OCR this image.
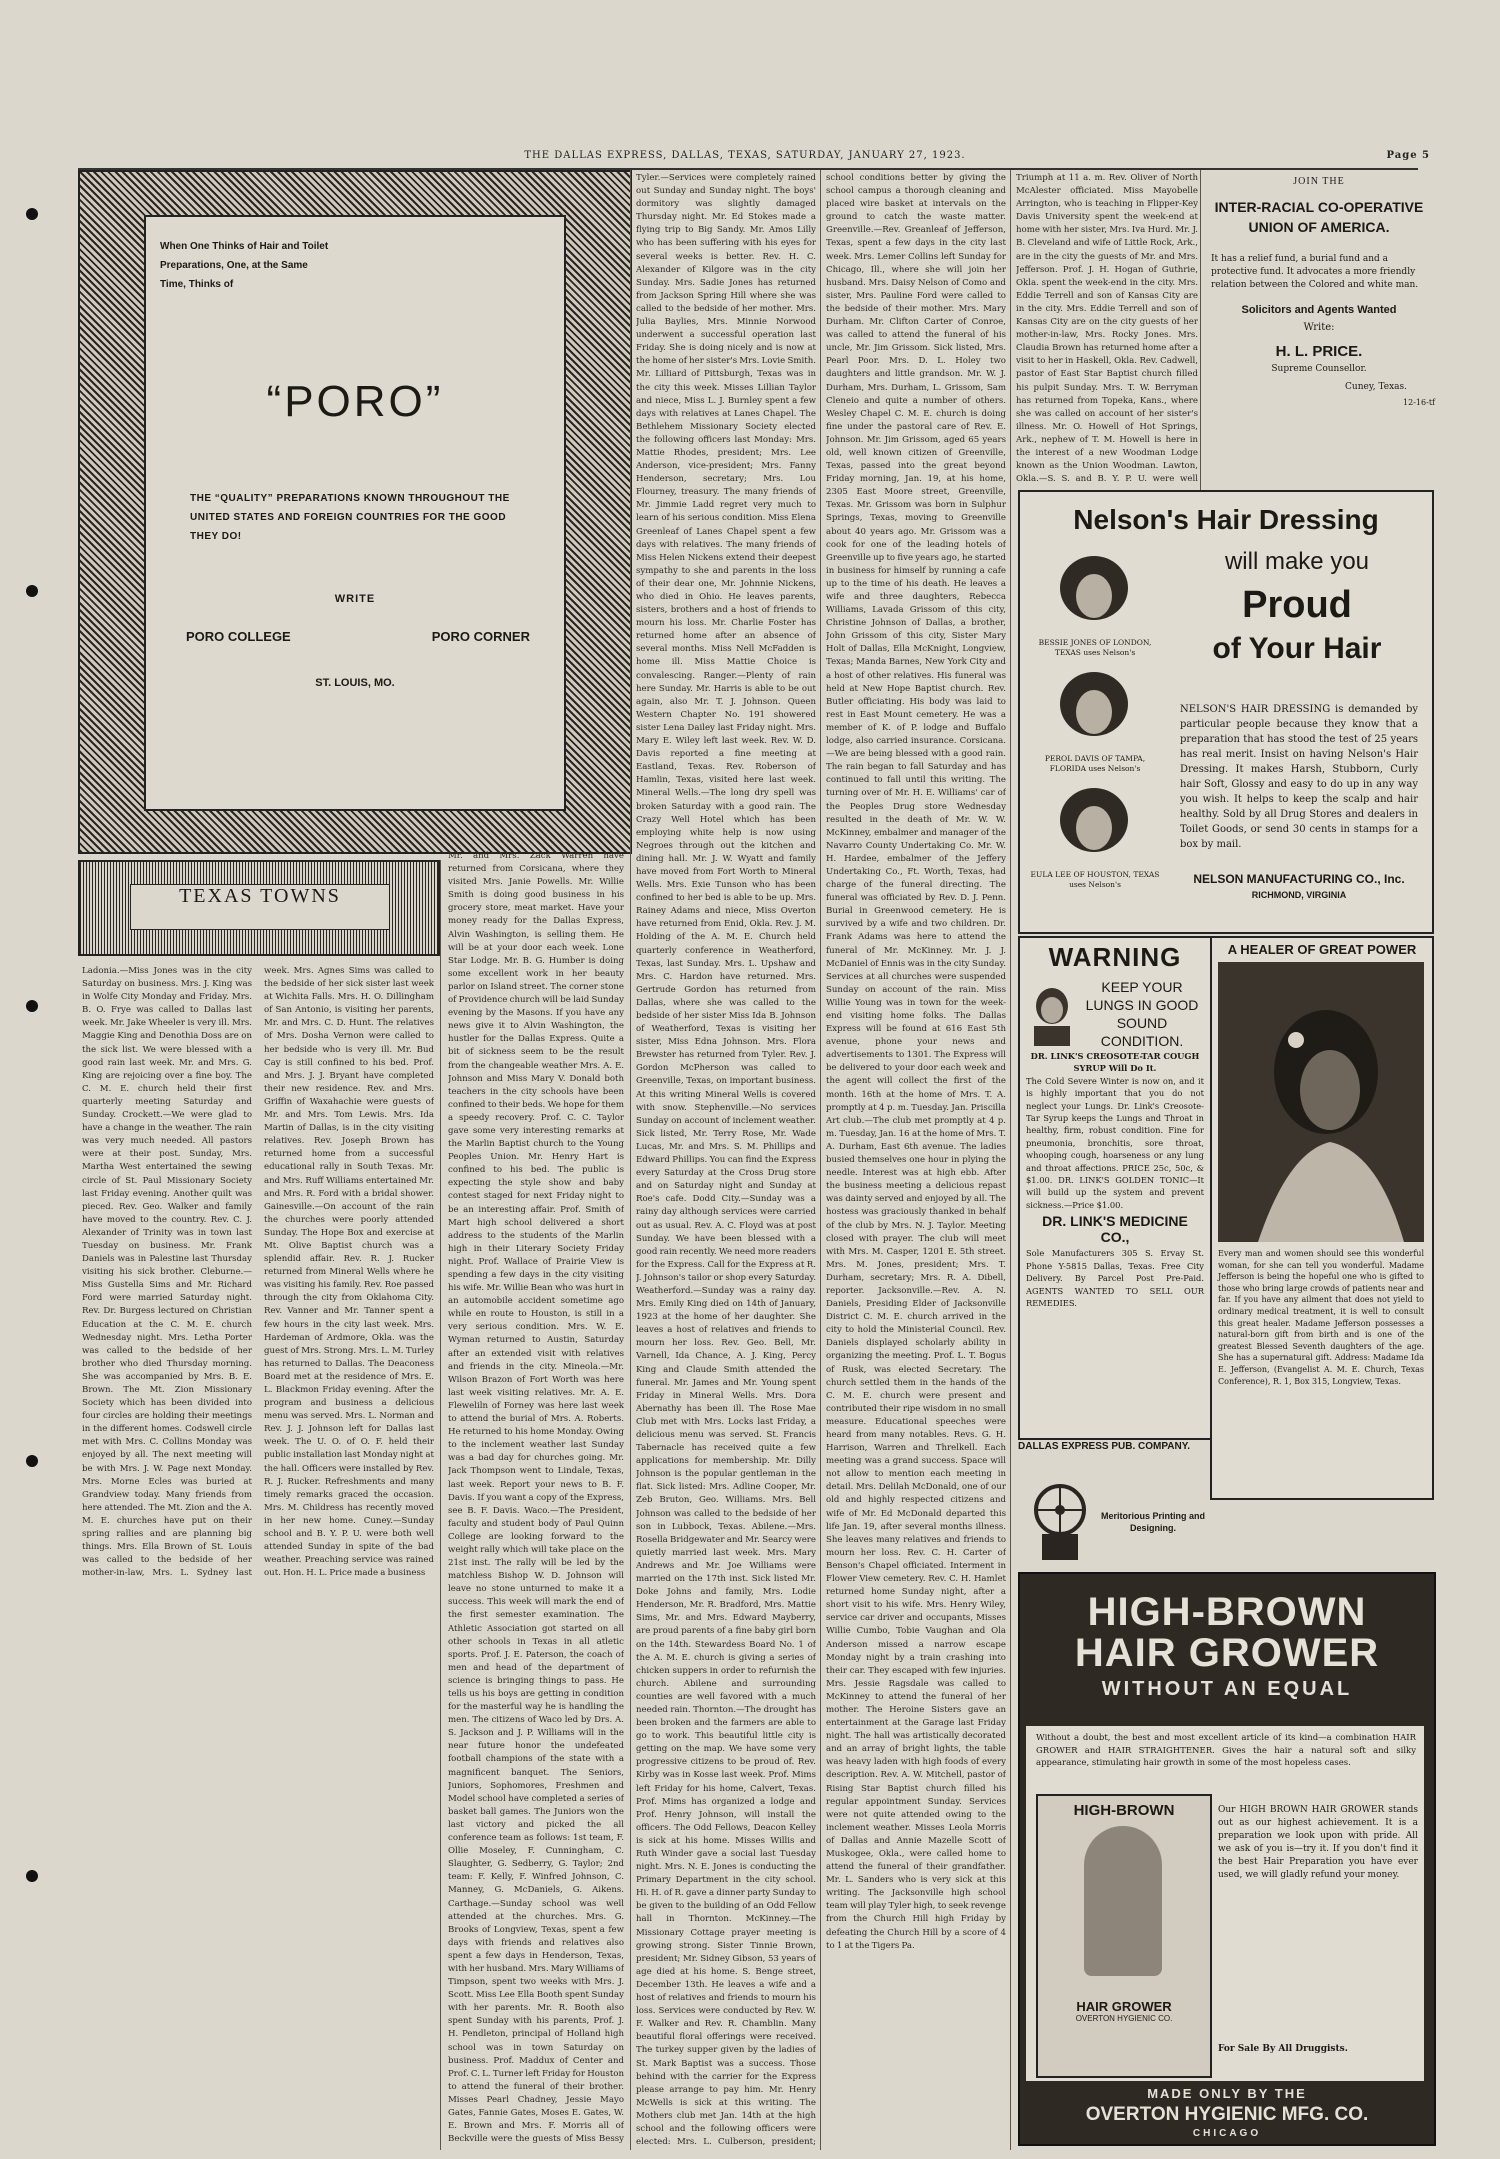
THE DALLAS EXPRESS, DALLAS, TEXAS, SATURDAY, JANUARY 27, 1923.	Page 5
When One Thinks of Hair and Toilet Preparations, One, at the Same Time, Thinks of
“PORO”
THE “QUALITY” PREPARATIONS KNOWN THROUGHOUT THE UNITED STATES AND FOREIGN COUNTRIES FOR THE GOOD THEY DO!
WRITE
PORO COLLEGE	PORO CORNER
ST. LOUIS, MO.
TEXAS TOWNS
Ladonia.—Miss Jones was in the city Saturday on business. Mrs. J. King was in Wolfe City Monday and Friday. Mrs. B. O. Frye was called to Dallas last week. Mr. Jake Wheeler is very ill. Mrs. Maggie King and Denothia Doss are on the sick list. We were blessed with a good rain last week. Mr. and Mrs. G. King are rejoicing over a fine boy. The C. M. E. church held their first quarterly meeting Saturday and Sunday. Crockett.—We were glad to have a change in the weather. The rain was very much needed. All pastors were at their post. Sunday, Mrs. Martha West entertained the sewing circle of St. Paul Missionary Society last Friday evening. Another quilt was pieced. Rev. Geo. Walker and family have moved to the country. Rev. C. J. Alexander of Trinity was in town last Tuesday on business. Mr. Frank Daniels was in Palestine last Thursday visiting his sick brother. Cleburne.—Miss Gustella Sims and Mr. Richard Ford were married Saturday night. Rev. Dr. Burgess lectured on Christian Education at the C. M. E. church Wednesday night. Mrs. Letha Porter was called to the bedside of her brother who died Thursday morning. She was accompanied by Mrs. B. E. Brown. The Mt. Zion Missionary Society which has been divided into four circles are holding their meetings in the different homes. Codswell circle met with Mrs. C. Collins Monday was enjoyed by all. The next meeting will be with Mrs. J. W. Page next Monday. Mrs. Morne Ecles was buried at Grandview today. Many friends from here attended. The Mt. Zion and the A. M. E. churches have put on their spring rallies and are planning big things. Mrs. Ella Brown of St. Louis was called to the bedside of her mother-in-law, Mrs. L. Sydney last week. Mrs. Agnes Sims was called to the bedside of her sick sister last week at Wichita Falls. Mrs. H. O. Dillingham of San Antonio, is visiting her parents, Mr. and Mrs. C. D. Hunt. The relatives of Mrs. Dosha Vernon were called to her bedside who is very ill. Mr. Bud Cay is still confined to his bed. Prof. and Mrs. J. J. Bryant have completed their new residence. Rev. and Mrs. Griffin of Waxahachie were guests of Mr. and Mrs. Tom Lewis. Mrs. Ida Martin of Dallas, is in the city visiting relatives. Rev. Joseph Brown has returned home from a successful educational rally in South Texas. Mr. and Mrs. Ruff Williams entertained Mr. and Mrs. R. Ford with a bridal shower. Gainesville.—On account of the rain the churches were poorly attended Sunday. The Hope Box and exercise at Mt. Olive Baptist church was a splendid affair. Rev. R. J. Rucker returned from Mineral Wells where he was visiting his family. Rev. Roe passed through the city from Oklahoma City. Rev. Vanner and Mr. Tanner spent a few hours in the city last week. Mrs. Hardeman of Ardmore, Okla. was the guest of Mrs. Strong. Mrs. L. M. Turley has returned to Dallas. The Deaconess Board met at the residence of Mrs. E. L. Blackmon Friday evening. After the program and business a delicious menu was served. Mrs. L. Norman and Rev. J. J. Johnson left for Dallas last week. The U. O. of O. F. held their public installation last Monday night at the hall. Officers were installed by Rev. R. J. Rucker. Refreshments and many timely remarks graced the occasion. Mrs. M. Childress has recently moved in her new home. Cuney.—Sunday school and B. Y. P. U. were both well attended Sunday in spite of the bad weather. Preaching service was rained out. Hon. H. L. Price made a business
Mr. and Mrs. Zack Warren have returned from Corsicana, where they visited Mrs. Janie Powells. Mr. Willie Smith is doing good business in his grocery store, meat market. Have your money ready for the Dallas Express, Alvin Washington, is selling them. He will be at your door each week. Lone Star Lodge. Mr. B. G. Humber is doing some excellent work in her beauty parlor on Island street. The corner stone of Providence church will be laid Sunday evening by the Masons. If you have any news give it to Alvin Washington, the hustler for the Dallas Express. Quite a bit of sickness seem to be the result from the changeable weather Mrs. A. E. Johnson and Miss Mary V. Donald both teachers in the city schools have been confined to their beds. We hope for them a speedy recovery. Prof. C. C. Taylor gave some very interesting remarks at the Marlin Baptist church to the Young Peoples Union. Mr. Henry Hart is confined to his bed. The public is expecting the style show and baby contest staged for next Friday night to be an interesting affair. Prof. Smith of Mart high school delivered a short address to the students of the Marlin high in their Literary Society Friday night. Prof. Wallace of Prairie View is spending a few days in the city visiting his wife. Mr. Willie Bean who was hurt in an automobile accident sometime ago while en route to Houston, is still in a very serious condition. Mrs. W. E. Wyman returned to Austin, Saturday after an extended visit with relatives and friends in the city. Mineola.—Mr. Wilson Brazon of Fort Worth was here last week visiting relatives. Mr. A. E. Fleweliln of Forney was here last week to attend the burial of Mrs. A. Roberts. He returned to his home Monday. Owing to the inclement weather last Sunday was a bad day for churches going. Mr. Jack Thompson went to Lindale, Texas, last week. Report your news to B. F. Davis. If you want a copy of the Express, see B. F. Davis. Waco.—The President, faculty and student body of Paul Quinn College are looking forward to the weight rally which will take place on the 21st inst. The rally will be led by the matchless Bishop W. D. Johnson will leave no stone unturned to make it a success. This week will mark the end of the first semester examination. The Athletic Association got started on all other schools in Texas in all atletic sports. Prof. J. E. Paterson, the coach of men and head of the department of science is bringing things to pass. He tells us his boys are getting in condition for the masterful way he is handling the men. The citizens of Waco led by Drs. A. S. Jackson and J. P. Williams will in the near future honor the undefeated football champions of the state with a magnificent banquet. The Seniors, Juniors, Sophomores, Freshmen and Model school have completed a series of basket ball games. The Juniors won the last victory and picked the all conference team as follows: 1st team, F. Ollie Moseley, F. Cunningham, C. Slaughter, G. Sedberry, G. Taylor; 2nd team: F. Kelly, F. Winfred Johnson, C. Manney, G. McDaniels, G. Aikens. Carthage.—Sunday school was well attended at the churches. Mrs. G. Brooks of Longview, Texas, spent a few days with friends and relatives also spent a few days in Henderson, Texas, with her husband. Mrs. Mary Williams of Timpson, spent two weeks with Mrs. J. Scott. Miss Lee Ella Booth spent Sunday with her parents. Mr. R. Booth also spent Sunday with his parents, Prof. J. H. Pendleton, principal of Holland high school was in town Saturday on business. Prof. Maddux of Center and Prof. C. L. Turner left Friday for Houston to attend the funeral of their brother. Misses Pearl Chadney, Jessie Mayo Gates, Fannie Gates, Moses E. Gates, W. E. Brown and Mrs. F. Morris all of Beckville were the guests of Miss Bessy
Tyler.—Services were completely rained out Sunday and Sunday night. The boys' dormitory was slightly damaged Thursday night. Mr. Ed Stokes made a flying trip to Big Sandy. Mr. Amos Lilly who has been suffering with his eyes for several weeks is better. Rev. H. C. Alexander of Kilgore was in the city Sunday. Mrs. Sadie Jones has returned from Jackson Spring Hill where she was called to the bedside of her mother. Mrs. Julia Baylies, Mrs. Minnie Norwood underwent a successful operation last Friday. She is doing nicely and is now at the home of her sister's Mrs. Lovie Smith. Mr. Lilliard of Pittsburgh, Texas was in the city this week. Misses Lillian Taylor and niece, Miss L. J. Burnley spent a few days with relatives at Lanes Chapel. The Bethlehem Missionary Society elected the following officers last Monday: Mrs. Mattie Rhodes, president; Mrs. Lee Anderson, vice-president; Mrs. Fanny Henderson, secretary; Mrs. Lou Flourney, treasury. The many friends of Mr. Jimmie Ladd regret very much to learn of his serious condition. Miss Elena Greenleaf of Lanes Chapel spent a few days with relatives. The many friends of Miss Helen Nickens extend their deepest sympathy to she and parents in the loss of their dear one, Mr. Johnnie Nickens, who died in Ohio. He leaves parents, sisters, brothers and a host of friends to mourn his loss. Mr. Charlie Foster has returned home after an absence of several months. Miss Nell McFadden is home ill. Miss Mattie Choice is convalescing. Ranger.—Plenty of rain here Sunday. Mr. Harris is able to be out again, also Mr. T. J. Johnson. Queen Western Chapter No. 191 showered sister Lena Dailey last Friday night. Mrs. Mary E. Wiley left last week. Rev. W. D. Davis reported a fine meeting at Eastland, Texas. Rev. Roberson of Hamlin, Texas, visited here last week. Mineral Wells.—The long dry spell was broken Saturday with a good rain. The Crazy Well Hotel which has been employing white help is now using Negroes through out the kitchen and dining hall. Mr. J. W. Wyatt and family have moved from Fort Worth to Mineral Wells. Mrs. Exie Tunson who has been confined to her bed is able to be up. Mrs. Rainey Adams and niece, Miss Overton have returned from Enid, Okla. Rev. J. M. Holding of the A. M. E. Church held quarterly conference in Weatherford, Texas, last Sunday. Mrs. L. Upshaw and Mrs. C. Hardon have returned. Mrs. Gertrude Gordon has returned from Dallas, where she was called to the bedside of her sister Miss Ida B. Johnson of Weatherford, Texas is visiting her sister, Miss Edna Johnson. Mrs. Flora Brewster has returned from Tyler. Rev. J. Gordon McPherson was called to Greenville, Texas, on important business. At this writing Mineral Wells is covered with snow. Stephenville.—No services Sunday on account of inclement weather. Sick listed, Mr. Terry Rose, Mr. Wade Lucas, Mr. and Mrs. S. M. Phillips and Edward Phillips. You can find the Express every Saturday at the Cross Drug store and on Saturday night and Sunday at Roe's cafe. Dodd City.—Sunday was a rainy day although services were carried out as usual. Rev. A. C. Floyd was at post Sunday. We have been blessed with a good rain recently. We need more readers for the Express. Call for the Express at R. J. Johnson's tailor or shop every Saturday. Weatherford.—Sunday was a rainy day. Mrs. Emily King died on 14th of January, 1923 at the home of her daughter. She leaves a host of relatives and friends to mourn her loss. Rev. Geo. Bell, Mr. Varnell, Ida Chance, A. J. King, Percy King and Claude Smith attended the funeral. Mr. James and Mr. Young spent Friday in Mineral Wells. Mrs. Dora Abernathy has been ill. The Rose Mae Club met with Mrs. Locks last Friday, a delicious menu was served. St. Francis Tabernacle has received quite a few applications for membership. Mr. Dilly Johnson is the popular gentleman in the flat. Sick listed: Mrs. Adline Cooper, Mr. Zeb Bruton, Geo. Williams. Mrs. Bell Johnson was called to the bedside of her son in Lubbock, Texas. Abilene.—Mrs. Rosella Bridgewater and Mr. Searcy were quietly married last week. Mrs. Mary Andrews and Mr. Joe Williams were married on the 17th inst. Sick listed Mr. Doke Johns and family, Mrs. Lodie Henderson, Mr. R. Bradford, Mrs. Mattie Sims, Mr. and Mrs. Edward Mayberry, are proud parents of a fine baby girl born on the 14th. Stewardess Board No. 1 of the A. M. E. church is giving a series of chicken suppers in order to refurnish the church. Abilene and surrounding counties are well favored with a much needed rain. Thornton.—The drought has been broken and the farmers are able to go to work. This beautiful little city is getting on the map. We have some very progressive citizens to be proud of. Rev. Kirby was in Kosse last week. Prof. Mims left Friday for his home, Calvert, Texas. Prof. Mims has organized a lodge and Prof. Henry Johnson, will install the officers. The Odd Fellows, Deacon Kelley is sick at his home. Misses Willis and Ruth Winder gave a social last Tuesday night. Mrs. N. E. Jones is conducting the Primary Department in the city school. Hi. H. of R. gave a dinner party Sunday to be given to the building of an Odd Fellow hall in Thornton. McKinney.—The Missionary Cottage prayer meeting is growing strong. Sister Tinnie Brown, president; Mr. Sidney Gibson, 53 years of age died at his home. S. Benge street, December 13th. He leaves a wife and a host of relatives and friends to mourn his loss. Services were conducted by Rev. W. F. Walker and Rev. R. Chamblin. Many beautiful floral offerings were received. The turkey supper given by the ladies of St. Mark Baptist was a success. Those behind with the carrier for the Express please arrange to pay him. Mr. Henry McWells is sick at this writing. The Mothers club met Jan. 14th at the high school and the following officers were elected: Mrs. L. Culberson, president;
school conditions better by giving the school campus a thorough cleaning and placed wire basket at intervals on the ground to catch the waste matter. Greenville.—Rev. Greanleaf of Jefferson, Texas, spent a few days in the city last week. Mrs. Lemer Collins left Sunday for Chicago, Ill., where she will join her husband. Mrs. Daisy Nelson of Como and sister, Mrs. Pauline Ford were called to the bedside of their mother. Mrs. Mary Durham. Mr. Clifton Carter of Conroe, was called to attend the funeral of his uncle, Mr. Jim Grissom. Sick listed, Mrs. Pearl Poor. Mrs. D. L. Holey two daughters and little grandson. Mr. W. J. Durham, Mrs. Durham, L. Grissom, Sam Cleneio and quite a number of others. Wesley Chapel C. M. E. church is doing fine under the pastoral care of Rev. E. Johnson. Mr. Jim Grissom, aged 65 years old, well known citizen of Greenville, Texas, passed into the great beyond Friday morning, Jan. 19, at his home, 2305 East Moore street, Greenville, Texas. Mr. Grissom was born in Sulphur Springs, Texas, moving to Greenville about 40 years ago. Mr. Grissom was a cook for one of the leading hotels of Greenville up to five years ago, he started in business for himself by running a cafe up to the time of his death. He leaves a wife and three daughters, Rebecca Williams, Lavada Grissom of this city, Christine Johnson of Dallas, a brother, John Grissom of this city, Sister Mary Holt of Dallas, Ella McKnight, Longview, Texas; Manda Barnes, New York City and a host of other relatives. His funeral was held at New Hope Baptist church. Rev. Butler officiating. His body was laid to rest in East Mount cemetery. He was a member of K. of P. lodge and Buffalo lodge, also carried insurance. Corsicana.—We are being blessed with a good rain. The rain began to fall Saturday and has continued to fall until this writing. The turning over of Mr. H. E. Williams' car of the Peoples Drug store Wednesday resulted in the death of Mr. W. W. McKinney, embalmer and manager of the Navarro County Undertaking Co. Mr. W. H. Hardee, embalmer of the Jeffery Undertaking Co., Ft. Worth, Texas, had charge of the funeral directing. The funeral was officiated by Rev. D. J. Penn. Burial in Greenwood cemetery. He is survived by a wife and two children. Dr. Frank Adams was here to attend the funeral of Mr. McKinney. Mr. J. J. McDaniel of Ennis was in the city Sunday. Services at all churches were suspended Sunday on account of the rain. Miss Willie Young was in town for the week-end visiting home folks. The Dallas Express will be found at 616 East 5th avenue, phone your news and advertisements to 1301. The Express will be delivered to your door each week and the agent will collect the first of the month. 16th at the home of Mrs. T. A. promptly at 4 p. m. Tuesday. Jan. Priscilla Art club.—The club met promptly at 4 p. m. Tuesday, Jan. 16 at the home of Mrs. T. A. Durham, East 6th avenue. The ladies busied themselves one hour in plying the needle. Interest was at high ebb. After the business meeting a delicious repast was dainty served and enjoyed by all. The hostess was graciously thanked in behalf of the club by Mrs. N. J. Taylor. Meeting closed with prayer. The club will meet with Mrs. M. Casper, 1201 E. 5th street. Mrs. M. Jones, president; Mrs. T. Durham, secretary; Mrs. R. A. Dibell, reporter. Jacksonville.—Rev. A. N. Daniels, Presiding Elder of Jacksonville District C. M. E. church arrived in the city to hold the Ministerial Council. Rev. Daniels displayed scholarly ability in organizing the meeting. Prof. L. T. Bogus of Rusk, was elected Secretary. The church settled them in the hands of the C. M. E. church were present and contributed their ripe wisdom in no small measure. Educational speeches were heard from many notables. Revs. G. H. Harrison, Warren and Threlkell. Each meeting was a grand success. Space will not allow to mention each meeting in detail. Mrs. Delilah McDonald, one of our old and highly respected citizens and wife of Mr. Ed McDonald departed this life Jan. 19, after several months illness. She leaves many relatives and friends to mourn her loss. Rev. C. H. Carter of Benson's Chapel officiated. Interment in Flower View cemetery. Rev. C. H. Hamlet returned home Sunday night, after a short visit to his wife. Mrs. Henry Wiley, service car driver and occupants, Misses Willie Cumbo, Tobie Vaughan and Ola Anderson missed a narrow escape Monday night by a train crashing into their car. They escaped with few injuries. Mrs. Jessie Ragsdale was called to McKinney to attend the funeral of her mother. The Heroine Sisters gave an entertainment at the Garage last Friday night. The hall was artistically decorated and an array of bright lights, the table was heavy laden with high foods of every description. Rev. A. W. Mitchell, pastor of Rising Star Baptist church filled his regular appointment Sunday. Services were not quite attended owing to the inclement weather. Misses Leola Morris of Dallas and Annie Mazelle Scott of Muskogee, Okla., were called home to attend the funeral of their grandfather. Mr. L. Sanders who is very sick at this writing. The Jacksonville high school team will play Tyler high, to seek revenge from the Church Hill high Friday by defeating the Church Hill by a score of 4 to 1 at the Tigers Pa.
Triumph at 11 a. m. Rev. Oliver of North McAlester officiated. Miss Mayobelle Arrington, who is teaching in Flipper-Key Davis University spent the week-end at home with her sister, Mrs. Iva Hurd. Mr. J. B. Cleveland and wife of Little Rock, Ark., are in the city the guests of Mr. and Mrs. Jefferson. Prof. J. H. Hogan of Guthrie, Okla. spent the week-end in the city. Mrs. Eddie Terrell and son of Kansas City are in the city. Mrs. Eddie Terrell and son of Kansas City are on the city guests of her mother-in-law, Mrs. Rocky Jones. Mrs. Claudia Brown has returned home after a visit to her in Haskell, Okla. Rev. Cadwell, pastor of East Star Baptist church filled his pulpit Sunday. Mrs. T. W. Berryman has returned from Topeka, Kans., where she was called on account of her sister's illness. Mr. O. Howell of Hot Springs, Ark., nephew of T. M. Howell is here in the interest of a new Woodman Lodge known as the Union Woodman. Lawton, Okla.—S. S. and B. Y. P. U. were well
JOIN THE
INTER-RACIAL CO-OPERATIVE UNION OF AMERICA.
It has a relief fund, a burial fund and a protective fund. It advocates a more friendly relation between the Colored and white man.
Solicitors and Agents Wanted
Write:
H. L. PRICE.
Supreme Counsellor.
Cuney, Texas.
12-16-tf
Nelson's Hair Dressing
will make you
Proud
of Your Hair
BESSIE JONES OF LONDON, TEXAS uses Nelson's
PEROL DAVIS OF TAMPA, FLORIDA uses Nelson's
EULA LEE OF HOUSTON, TEXAS uses Nelson's
NELSON'S HAIR DRESSING is demanded by particular people because they know that a preparation that has stood the test of 25 years has real merit. Insist on having Nelson's Hair Dressing. It makes Harsh, Stubborn, Curly hair Soft, Glossy and easy to do up in any way you wish. It helps to keep the scalp and hair healthy. Sold by all Drug Stores and dealers in Toilet Goods, or send 30 cents in stamps for a box by mail.
NELSON MANUFACTURING CO., Inc.
RICHMOND, VIRGINIA
WARNING
KEEP YOUR LUNGS IN GOOD SOUND CONDITION.
DR. LINK'S CREOSOTE-TAR COUGH SYRUP Will Do It.
The Cold Severe Winter is now on, and it is highly important that you do not neglect your Lungs. Dr. Link's Creosote-Tar Syrup keeps the Lungs and Throat in healthy, firm, robust condition. Fine for pneumonia, bronchitis, sore throat, whooping cough, hoarseness or any lung and throat affections. PRICE 25c, 50c, & $1.00. DR. LINK'S GOLDEN TONIC—It will build up the system and prevent sickness.—Price $1.00.
DR. LINK'S MEDICINE CO.,
Sole Manufacturers 305 S. Ervay St. Phone Y-5815 Dallas, Texas. Free City Delivery. By Parcel Post Pre-Paid. AGENTS WANTED TO SELL OUR REMEDIES.
A HEALER OF GREAT POWER
Every man and women should see this wonderful woman, for she can tell you wonderful. Madame Jefferson is being the hopeful one who is gifted to those who bring large crowds of patients near and far. If you have any ailment that does not yield to ordinary medical treatment, it is well to consult this great healer. Madame Jefferson possesses a natural-born gift from birth and is one of the greatest Blessed Seventh daughters of the age. She has a supernatural gift. Address: Madame Ida E. Jefferson, (Evangelist A. M. E. Church, Texas Conference), R. 1, Box 315, Longview, Texas.
DALLAS EXPRESS PUB. COMPANY.
Meritorious Printing and Designing.
HIGH-BROWN
HAIR GROWER
WITHOUT AN EQUAL
Without a doubt, the best and most excellent article of its kind—a combination HAIR GROWER and HAIR STRAIGHTENER. Gives the hair a natural soft and silky appearance, stimulating hair growth in some of the most hopeless cases.
HIGH-BROWN
HAIR GROWER
OVERTON HYGIENIC CO.
Our HIGH BROWN HAIR GROWER stands out as our highest achievement. It is a preparation we look upon with pride. All we ask of you is—try it. If you don't find it the best Hair Preparation you have ever used, we will gladly refund your money.
For Sale By All Druggists.
MADE ONLY BY THE
OVERTON HYGIENIC MFG. CO.
CHICAGO
